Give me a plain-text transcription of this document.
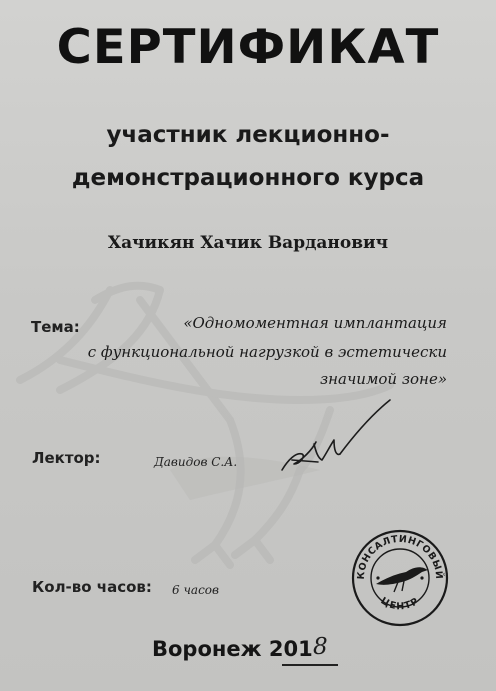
СЕРТИФИКАТ
участник лекционно-
демонстрационного курса
Хачикян Хачик Варданович
Тема:	«Одномоментная имплантация
с функциональной нагрузкой в эстетически
значимой зоне»
Лектор:	Давидов С.А.
Кол-во часов: 6 часов
КОНСАЛТИНГОВЫЙ
ЦЕНТР
Воронеж 201 8
